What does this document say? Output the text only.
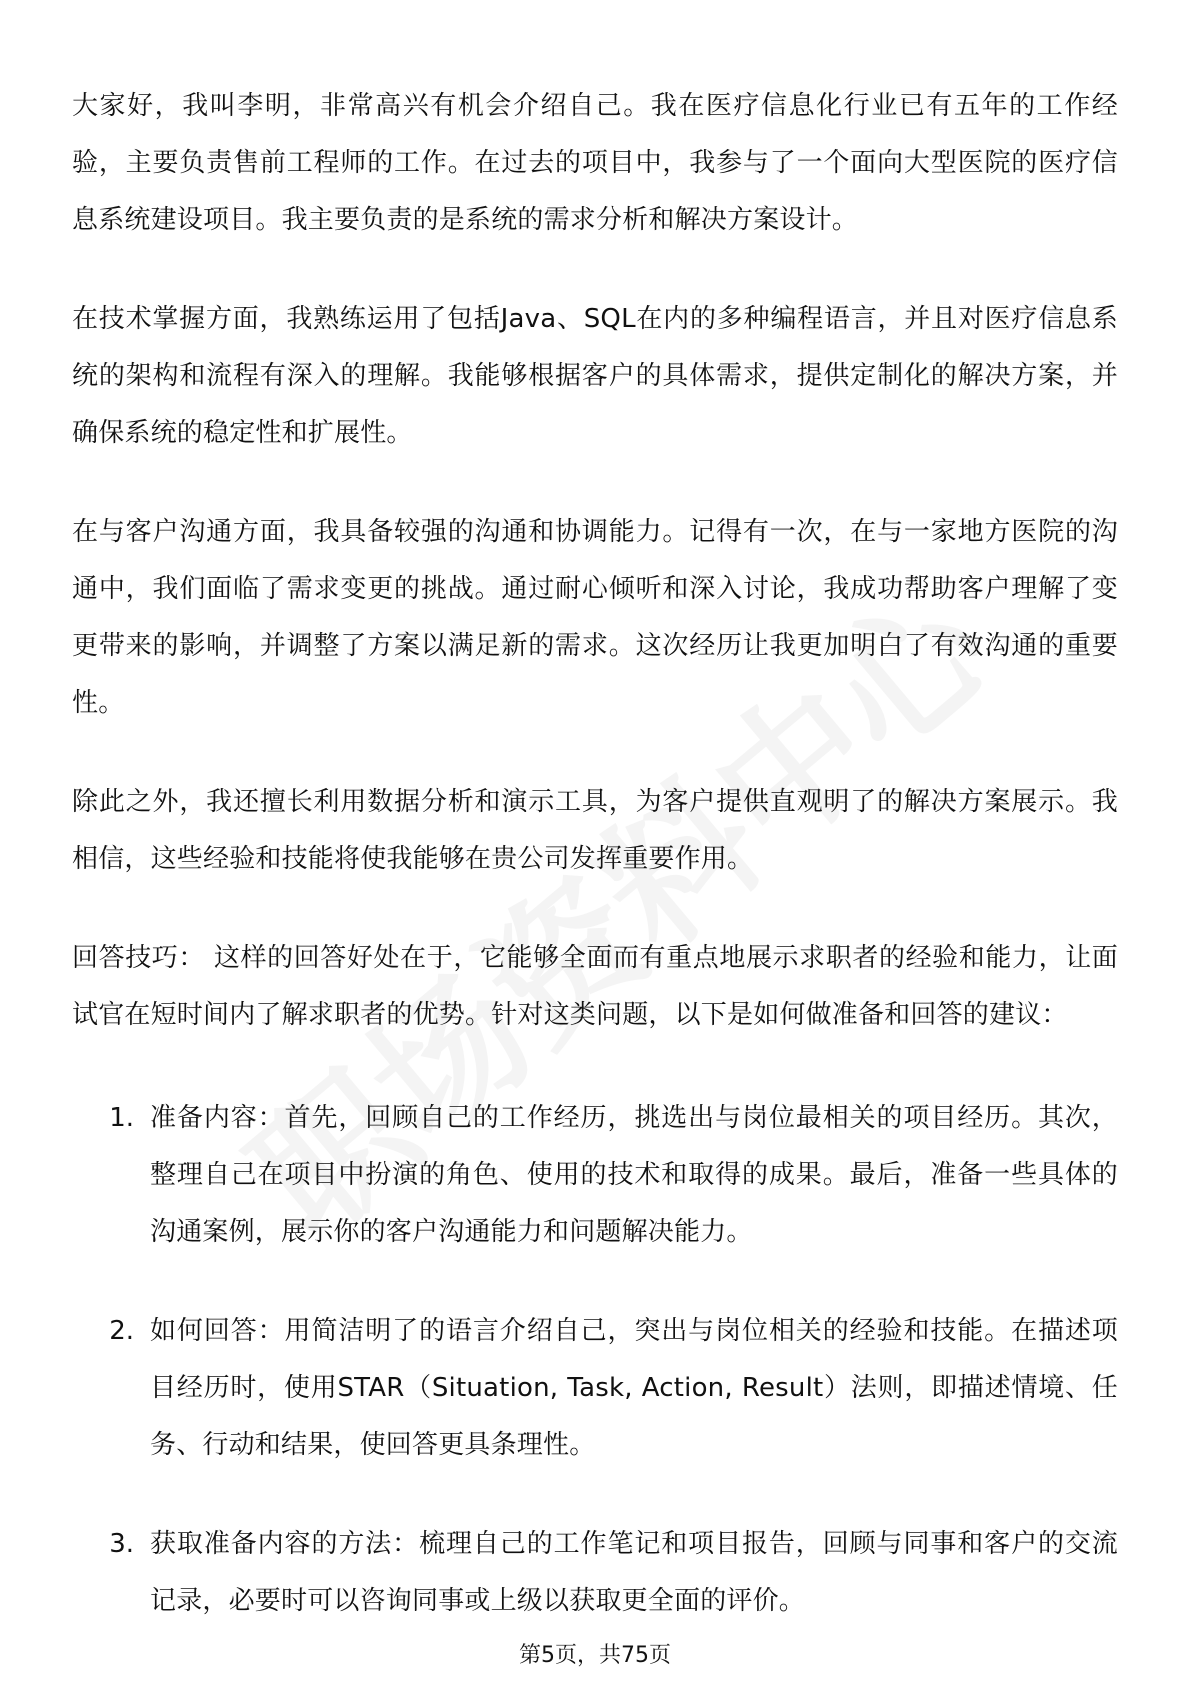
大家好，我叫李明，非常高兴有机会介绍自己。我在医疗信息化行业已有五年的工作经验，主要负责售前工程师的工作。在过去的项目中，我参与了一个面向大型医院的医疗信息系统建设项目。我主要负责的是系统的需求分析和解决方案设计。

在技术掌握方面，我熟练运用了包括Java、SQL在内的多种编程语言，并且对医疗信息系统的架构和流程有深入的理解。我能够根据客户的具体需求，提供定制化的解决方案，并确保系统的稳定性和扩展性。

在与客户沟通方面，我具备较强的沟通和协调能力。记得有一次，在与一家地方医院的沟通中，我们面临了需求变更的挑战。通过耐心倾听和深入讨论，我成功帮助客户理解了变更带来的影响，并调整了方案以满足新的需求。这次经历让我更加明白了有效沟通的重要性。

除此之外，我还擅长利用数据分析和演示工具，为客户提供直观明了的解决方案展示。我相信，这些经验和技能将使我能够在贵公司发挥重要作用。

回答技巧： 这样的回答好处在于，它能够全面而有重点地展示求职者的经验和能力，让面试官在短时间内了解求职者的优势。针对这类问题，以下是如何做准备和回答的建议：

1. 准备内容：首先，回顾自己的工作经历，挑选出与岗位最相关的项目经历。其次，整理自己在项目中扮演的角色、使用的技术和取得的成果。最后，准备一些具体的沟通案例，展示你的客户沟通能力和问题解决能力。
2. 如何回答：用简洁明了的语言介绍自己，突出与岗位相关的经验和技能。在描述项目经历时，使用STAR（Situation, Task, Action, Result）法则，即描述情境、任务、行动和结果，使回答更具条理性。
3. 获取准备内容的方法：梳理自己的工作笔记和项目报告，回顾与同事和客户的交流记录，必要时可以咨询同事或上级以获取更全面的评价。
第5页，共75页
